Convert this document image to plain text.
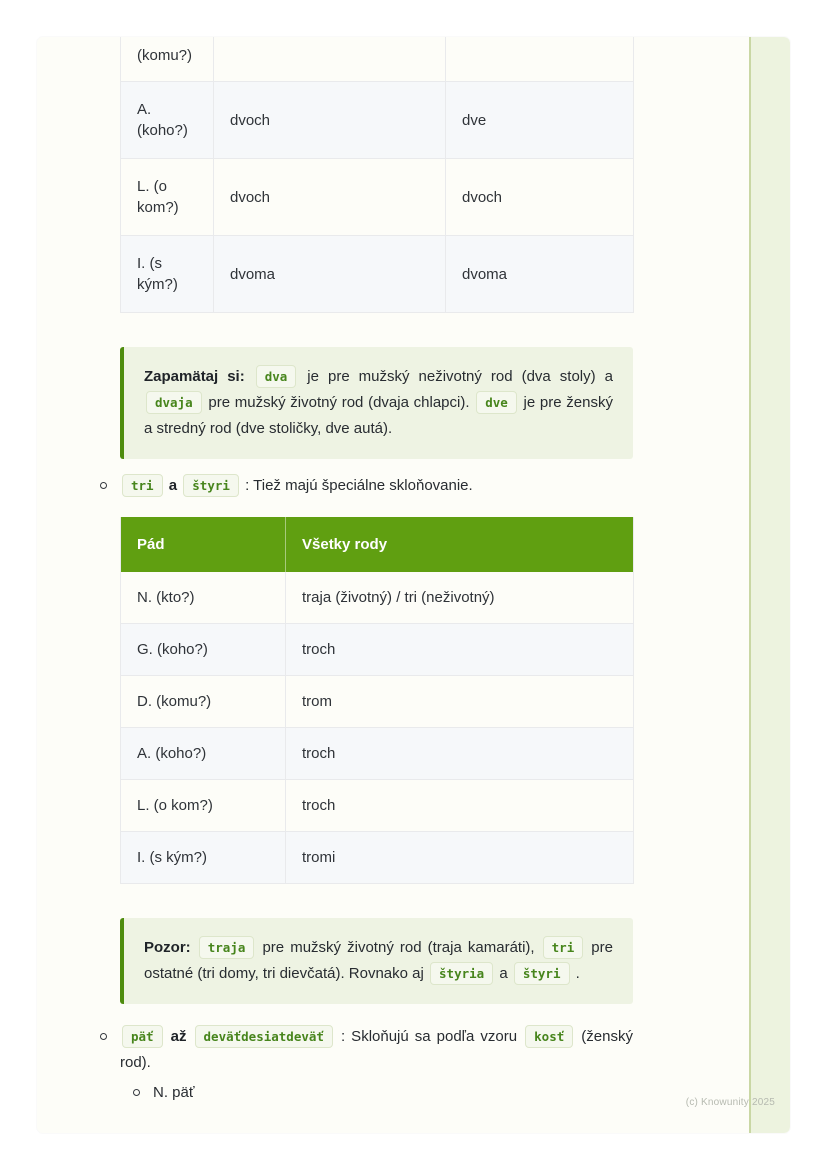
(komu?)		
A. (koho?)	dvoch	dve
L. (o kom?)	dvoch	dvoch
I. (s kým?)	dvoma	dvoma
Zapamätaj si: dva je pre mužský neživotný rod (dva stoly) a dvaja pre mužský životný rod (dvaja chlapci). dve je pre ženský a stredný rod (dve stoličky, dve autá).
tri a štyri : Tiež majú špeciálne skloňovanie.
Pád	Všetky rody
N. (kto?)	traja (životný) / tri (neživotný)
G. (koho?)	troch
D. (komu?)	trom
A. (koho?)	troch
L. (o kom?)	troch
I. (s kým?)	tromi
Pozor: traja pre mužský životný rod (traja kamaráti), tri pre ostatné (tri domy, tri dievčatá). Rovnako aj štyria a štyri .
päť až deväťdesiatdeväť : Skloňujú sa podľa vzoru kosť (ženský rod).
N. päť
(c) Knowunity 2025
